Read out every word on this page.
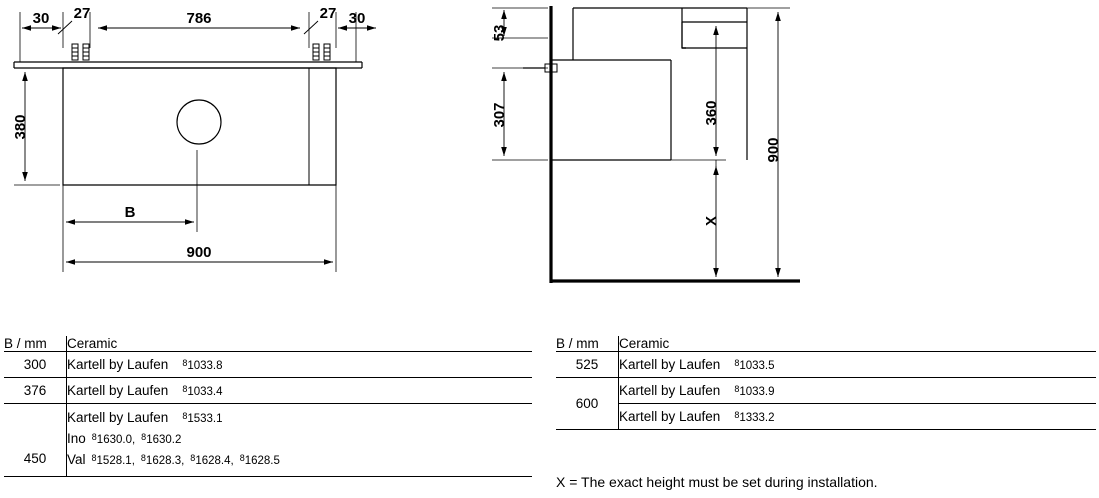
30 27	786	27 30
380
B
900
53
307	360
900
X
B / mm	Ceramic
300	Kartell by Laufen $^8$1033.8
376	Kartell by Laufen $^8$1033.4
450	Kartell by Laufen $^8$1533.1
Ino $^8$1630.0, $^8$1630.2
Val $^8$1528.1, $^8$1628.3, $^8$1628.4, $^8$1628.5
B / mm	Ceramic
525	Kartell by Laufen $^8$1033.5
600	Kartell by Laufen $^8$1033.9
Kartell by Laufen $^8$1333.2
X = The exact height must be set during installation.
